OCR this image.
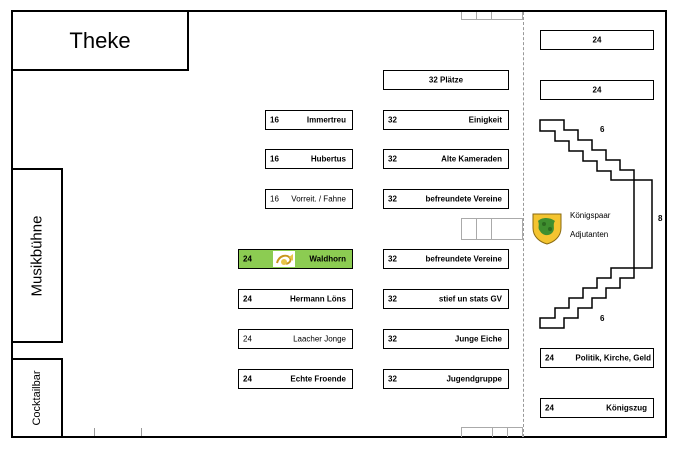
Theke
Musikbühne
Cocktailbar
32 Plätze
16	Immertreu
16	Hubertus
16 Vorreit. / Fahne
24	Waldhorn
24	Hermann Löns
24	Laacher Jonge
24	Echte Froende
32	Einigkeit
32	Alte Kameraden
32	befreundete Vereine
32	befreundete Vereine
32	stief un stats GV
32	Junge Eiche
32	Jugendgruppe
24
24
24	Politik, Kirche, Geld
24	Königszug
6
8
6
Königspaar
Adjutanten
